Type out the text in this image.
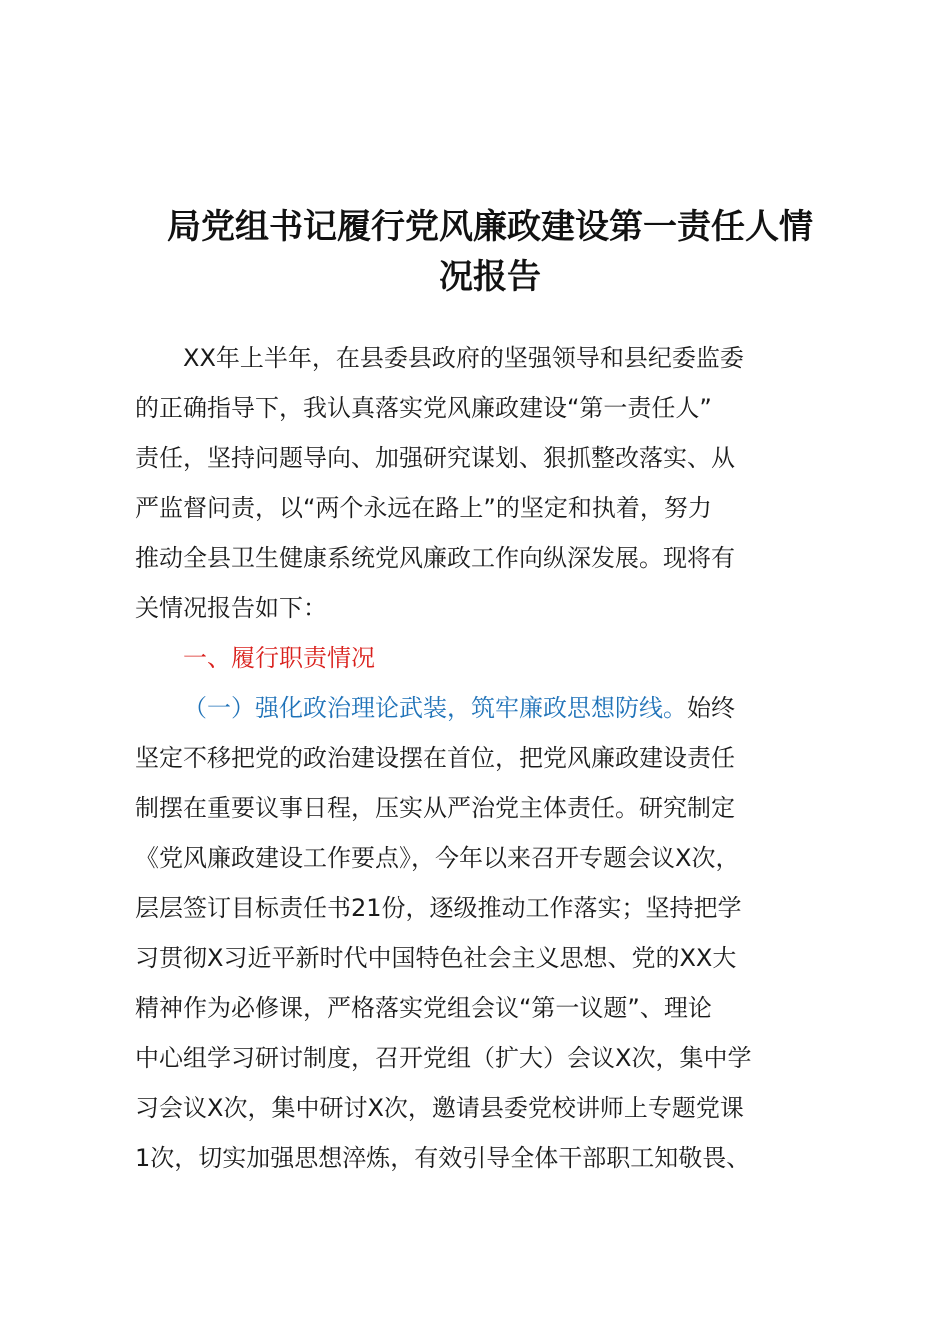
局党组书记履行党风廉政建设第一责任人情
况报告
XX年上半年，在县委县政府的坚强领导和县纪委监委
的正确指导下，我认真落实党风廉政建设“第一责任人”
责任，坚持问题导向、加强研究谋划、狠抓整改落实、从
严监督问责，以“两个永远在路上”的坚定和执着，努力
推动全县卫生健康系统党风廉政工作向纵深发展。现将有
关情况报告如下：
一、履行职责情况
（一）强化政治理论武装，筑牢廉政思想防线。始终
坚定不移把党的政治建设摆在首位，把党风廉政建设责任
制摆在重要议事日程，压实从严治党主体责任。研究制定
《党风廉政建设工作要点》，今年以来召开专题会议X次，
层层签订目标责任书21份，逐级推动工作落实；坚持把学
习贯彻X习近平新时代中国特色社会主义思想、党的XX大
精神作为必修课，严格落实党组会议“第一议题”、理论
中心组学习研讨制度，召开党组（扩大）会议X次，集中学
习会议X次，集中研讨X次，邀请县委党校讲师上专题党课
1次，切实加强思想淬炼，有效引导全体干部职工知敬畏、
